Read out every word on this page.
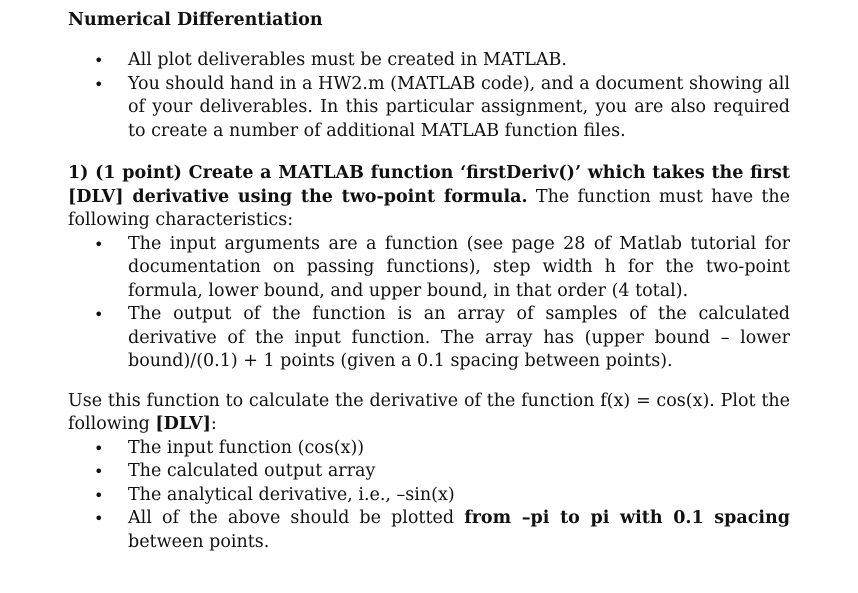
Numerical Differentiation
• All plot deliverables must be created in MATLAB.
• You should hand in a HW2.m (MATLAB code), and a document showing all of your deliverables. In this particular assignment, you are also required to create a number of additional MATLAB function files.

1) (1 point) Create a MATLAB function ‘firstDeriv()’ which takes the first [DLV] derivative using the two-point formula. The function must have the following characteristics:

• The input arguments are a function (see page 28 of Matlab tutorial for documentation on passing functions), step width h for the two-point formula, lower bound, and upper bound, in that order (4 total).
• The output of the function is an array of samples of the calculated derivative of the input function. The array has (upper bound – lower bound)/(0.1) + 1 points (given a 0.1 spacing between points).

Use this function to calculate the derivative of the function f(x) = cos(x). Plot the following [DLV]:

• The input function (cos(x))
• The calculated output array
• The analytical derivative, i.e., –sin(x)
• All of the above should be plotted from –pi to pi with 0.1 spacing between points.
